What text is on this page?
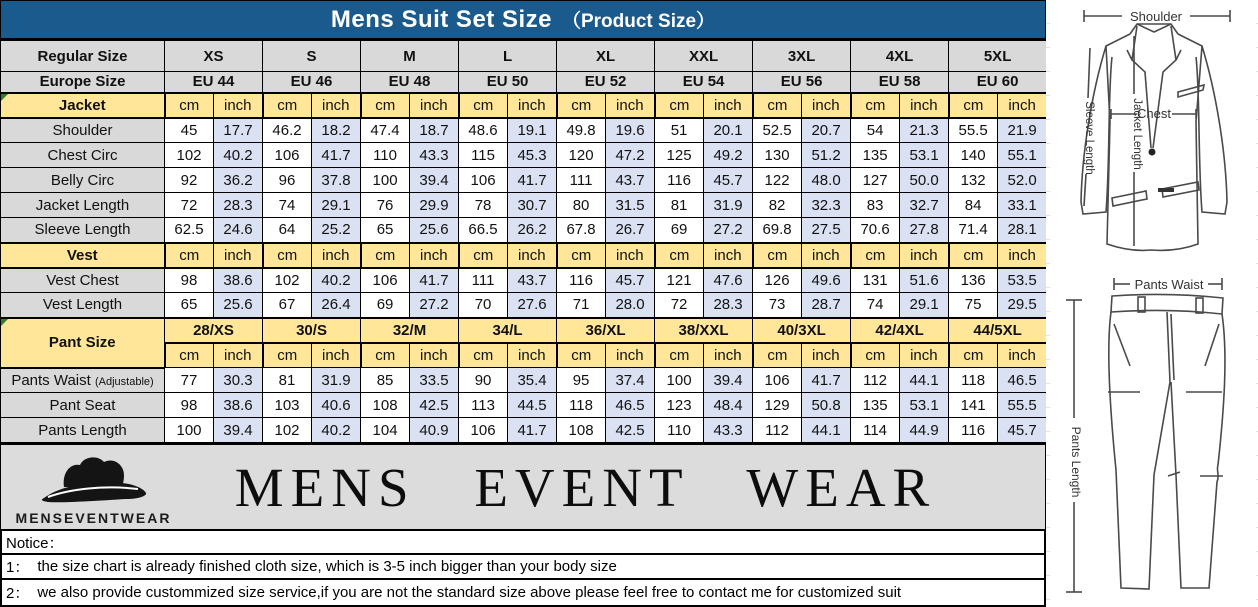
Mens Suit Set Size （Product Size）
Regular Size	XS		S		M		L		XL		XXL		3XL		4XL		5XL	
Europe Size	EU 44		EU 46		EU 48		EU 50		EU 52		EU 54		EU 56		EU 58		EU 60	
Jacket	cm	inch	cm	inch	cm	inch	cm	inch	cm	inch	cm	inch	cm	inch	cm	inch	cm	inch
Shoulder	45	17.7	46.2	18.2	47.4	18.7	48.6	19.1	49.8	19.6	51	20.1	52.5	20.7	54	21.3	55.5	21.9
Chest Circ	102	40.2	106	41.7	110	43.3	115	45.3	120	47.2	125	49.2	130	51.2	135	53.1	140	55.1
Belly Circ	92	36.2	96	37.8	100	39.4	106	41.7	111	43.7	116	45.7	122	48.0	127	50.0	132	52.0
Jacket Length	72	28.3	74	29.1	76	29.9	78	30.7	80	31.5	81	31.9	82	32.3	83	32.7	84	33.1
Sleeve Length	62.5	24.6	64	25.2	65	25.6	66.5	26.2	67.8	26.7	69	27.2	69.8	27.5	70.6	27.8	71.4	28.1
Vest	cm	inch	cm	inch	cm	inch	cm	inch	cm	inch	cm	inch	cm	inch	cm	inch	cm	inch
Vest Chest	98	38.6	102	40.2	106	41.7	111	43.7	116	45.7	121	47.6	126	49.6	131	51.6	136	53.5
Vest Length	65	25.6	67	26.4	69	27.2	70	27.6	71	28.0	72	28.3	73	28.7	74	29.1	75	29.5
Pant Size	28/XS		30/S		32/M		34/L		36/XL		38/XXL		40/3XL		42/4XL		44/5XL	
	cm	inch	cm	inch	cm	inch	cm	inch	cm	inch	cm	inch	cm	inch	cm	inch	cm	inch
Pants Waist (Adjustable)	77	30.3	81	31.9	85	33.5	90	35.4	95	37.4	100	39.4	106	41.7	112	44.1	118	46.5
Pant Seat	98	38.6	103	40.6	108	42.5	113	44.5	118	46.5	123	48.4	129	50.8	135	53.1	141	55.5
Pants Length	100	39.4	102	40.2	104	40.9	106	41.7	108	42.5	110	43.3	112	44.1	114	44.9	116	45.7
MENSEVENTWEAR	MENS EVENT WEAR
Notice：
1： the size chart is already finished cloth size, which is 3-5 inch bigger than your body size
2： we also provide custommized size service,if you are not the standard size above please feel free to contact me for customized suit
Shoulder
Chest
Jacket Length
Sleeve Length
Pants Waist
Pants Length
